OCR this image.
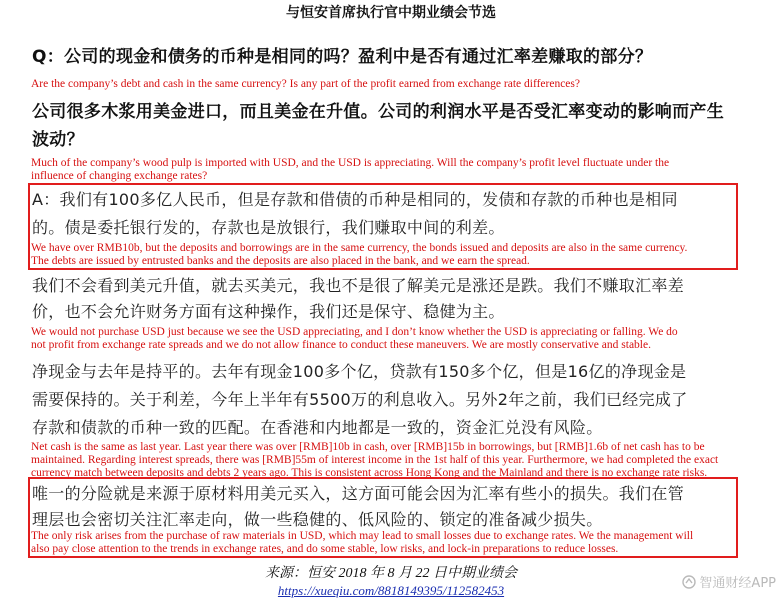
与恒安首席执行官中期业绩会节选
Q：公司的现金和债务的币种是相同的吗？盈利中是否有通过汇率差赚取的部分？
Are the company’s debt and cash in the same currency? Is any part of the profit earned from exchange rate differences?
公司很多木浆用美金进口，而且美金在升值。公司的利润水平是否受汇率变动的影响而产生
波动？
Much of the company’s wood pulp is imported with USD, and the USD is appreciating. Will the company’s profit level fluctuate under the
influence of changing exchange rates?
A：我们有100多亿人民币，但是存款和借债的币种是相同的，发债和存款的币种也是相同
的。债是委托银行发的，存款也是放银行，我们赚取中间的利差。
We have over RMB10b, but the deposits and borrowings are in the same currency, the bonds issued and deposits are also in the same currency.
The debts are issued by entrusted banks and the deposits are also placed in the bank, and we earn the spread.
我们不会看到美元升值，就去买美元，我也不是很了解美元是涨还是跌。我们不赚取汇率差
价，也不会允许财务方面有这种操作，我们还是保守、稳健为主。
We would not purchase USD just because we see the USD appreciating, and I don’t know whether the USD is appreciating or falling. We do
not profit from exchange rate spreads and we do not allow finance to conduct these maneuvers. We are mostly conservative and stable.
净现金与去年是持平的。去年有现金100多个亿，贷款有150多个亿，但是16亿的净现金是
需要保持的。关于利差，今年上半年有5500万的利息收入。另外2年之前，我们已经完成了
存款和债款的币种一致的匹配。在香港和内地都是一致的，资金汇兑没有风险。
Net cash is the same as last year. Last year there was over [RMB]10b in cash, over [RMB]15b in borrowings, but [RMB]1.6b of net cash has to be
maintained. Regarding interest spreads, there was [RMB]55m of interest income in the 1st half of this year. Furthermore, we had completed the exact
currency match between deposits and debts 2 years ago. This is consistent across Hong Kong and the Mainland and there is no exchange rate risks.
唯一的分险就是来源于原材料用美元买入，这方面可能会因为汇率有些小的损失。我们在管
理层也会密切关注汇率走向，做一些稳健的、低风险的、锁定的准备减少损失。
The only risk arises from the purchase of raw materials in USD, which may lead to small losses due to exchange rates. We the management will
also pay close attention to the trends in exchange rates, and do some stable, low risks, and lock-in preparations to reduce losses.
来源：恒安 2018 年 8 月 22 日中期业绩会
https://xueqiu.com/8818149395/112582453	智通财经APP
